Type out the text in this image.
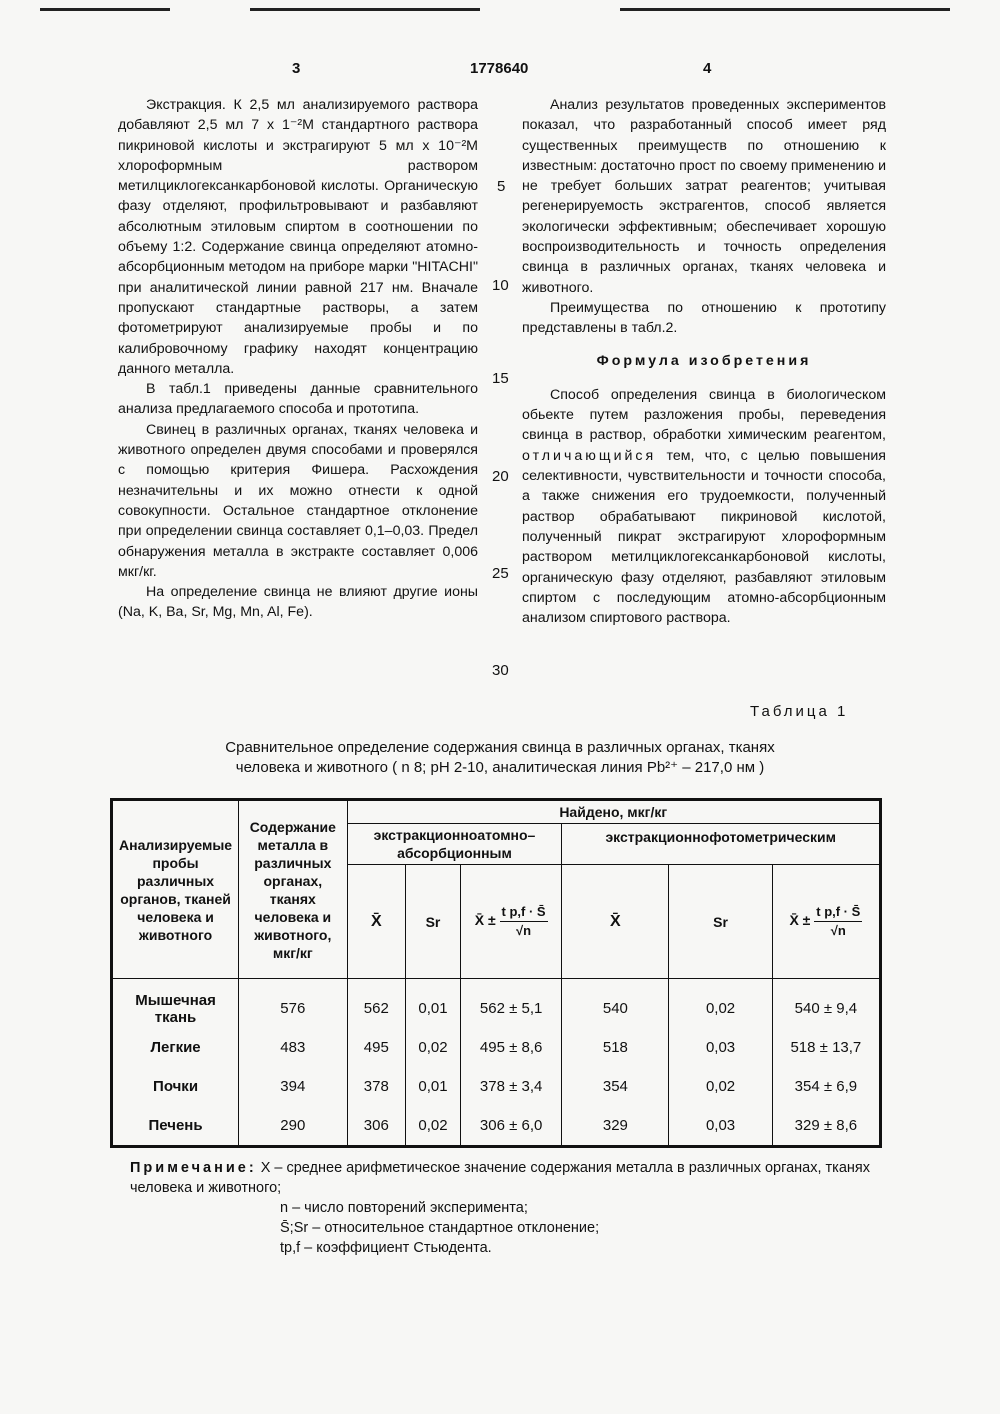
3	1778640	4

Экстракция. К 2,5 мл анализируемого раствора добавляют 2,5 мл 7 х 1⁻²М стандартного раствора пикриновой кислоты и экстрагируют 5 мл х 10⁻²М хлороформным раствором метилциклогексанкарбоновой кислоты. Органическую фазу отделяют, профильтровывают и разбавляют абсолютным этиловым спиртом в соотношении по объему 1:2. Содержание свинца определяют атомно-абсорбционным методом на приборе марки "HITACHI" при аналитической линии равной 217 нм. Вначале пропускают стандартные растворы, а затем фотометрируют анализируемые пробы и по калибровочному графику находят концентрацию данного металла.

В табл.1 приведены данные сравнительного анализа предлагаемого способа и прототипа.

Свинец в различных органах, тканях человека и животного определен двумя способами и проверялся с помощью критерия Фишера. Расхождения незначительны и их можно отнести к одной совокупности. Остальное стандартное отклонение при определении свинца составляет 0,1–0,03. Предел обнаружения металла в экстракте составляет 0,006 мкг/кг.

На определение свинца не влияют другие ионы (Na, K, Ba, Sr, Mg, Mn, Al, Fe).

5
10
15
20
25
30

Анализ результатов проведенных экспериментов показал, что разработанный способ имеет ряд существенных преимуществ по отношению к известным: достаточно прост по своему применению и не требует больших затрат реагентов; учитывая регенерируемость экстрагентов, способ является экологически эффективным; обеспечивает хорошую воспроизводительность и точность определения свинца в различных органах, тканях человека и животного.

Преимущества по отношению к прототипу представлены в табл.2.

Формула изобретения

Способ определения свинца в биологическом обьекте путем разложения пробы, переведения свинца в раствор, обработки химическим реагентом, отличающийся тем, что, с целью повышения селективности, чувствительности и точности способа, а также снижения его трудоемкости, полученный раствор обрабатывают пикриновой кислотой, полученный пикрат экстрагируют хлороформным раствором метилциклогексанкарбоновой кислоты, органическую фазу отделяют, разбавляют этиловым спиртом с последующим атомно-абсорбционным анализом спиртового раствора.

Таблица 1
Сравнительное определение содержания свинца в различных органах, тканях
человека и животного ( n 8; pH 2-10, аналитическая линия Pb²⁺ – 217,0 нм )
Анализируемые пробы различных органов, тканей человека и животного	Содержание металла в различных органах, тканях человека и животного, мкг/кг	Найдено, мкг/кг					
		экстракционноатомно–абсорбционным			экстракционнофотометрическим		
		X̄	Sr	X̄ ± $\frac{\text{t p,f · S̄}}{√n}$	X̄	Sr	X̄ ± $\frac{\text{t p,f · S̄}}{√n}$

Мышечная ткань	576	562	0,01	562 ± 5,1	540	0,02	540 ± 9,4
Легкие	483	495	0,02	495 ± 8,6	518	0,03	518 ± 13,7
Почки	394	378	0,01	378 ± 3,4	354	0,02	354 ± 6,9
Печень	290	306	0,02	306 ± 6,0	329	0,03	329 ± 8,6
Примечание: X – среднее арифметическое значение содержания металла в различных органах, тканях человека и животного;
n – число повторений эксперимента;
S̄;Sr – относительное стандартное отклонение;
tp,f – коэффициент Стьюдента.
